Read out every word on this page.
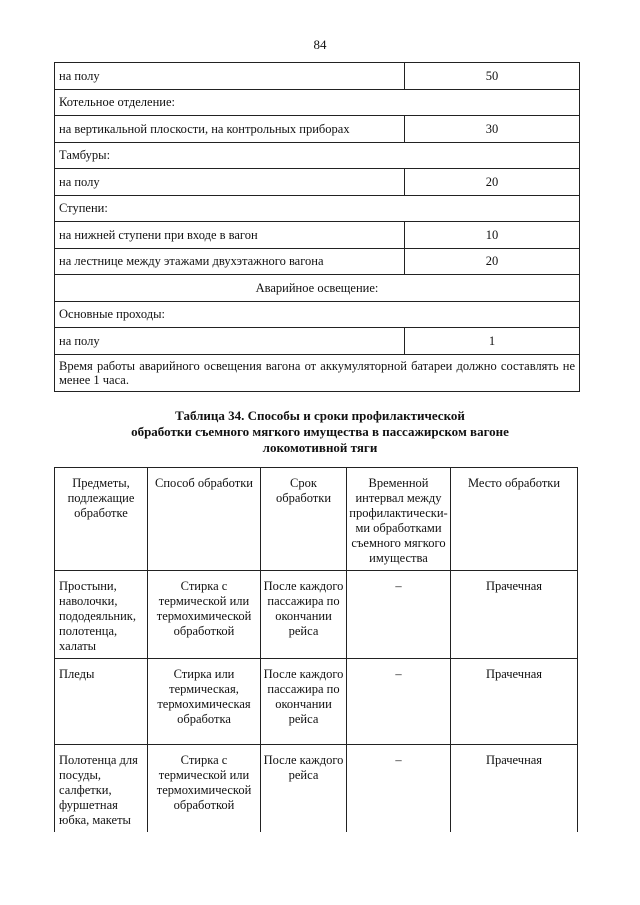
84
на полу	50
Котельное отделение:	
на вертикальной плоскости, на контрольных приборах	30
Тамбуры:	
на полу	20
Ступени:	
на нижней ступени при входе в вагон	10
на лестнице между этажами двухэтажного вагона	20
Аварийное освещение:	
Основные проходы:	
на полу	1
Время работы аварийного освещения вагона от аккумуляторной батареи должно составлять не менее 1 часа.	
Таблица 34. Способы и сроки профилактической
обработки съемного мягкого имущества в пассажирском вагоне
локомотивной тяги
Предметы, подлежащие обработке	Способ обработки	Срок обработки	Временной интервал между профилактически-ми обработками съемного мягкого имущества	Место обработки
Простыни, наволочки, пододеяльник, полотенца, халаты	Стирка с термической или термохимической обработкой	После каждого пассажира по окончании рейса	–	Прачечная
Пледы	Стирка или термическая, термохимическая обработка	После каждого пассажира по окончании рейса	–	Прачечная
Полотенца для посуды, салфетки, фуршетная юбка, макеты	Стирка с термической или термохимической обработкой	После каждого рейса	–	Прачечная
